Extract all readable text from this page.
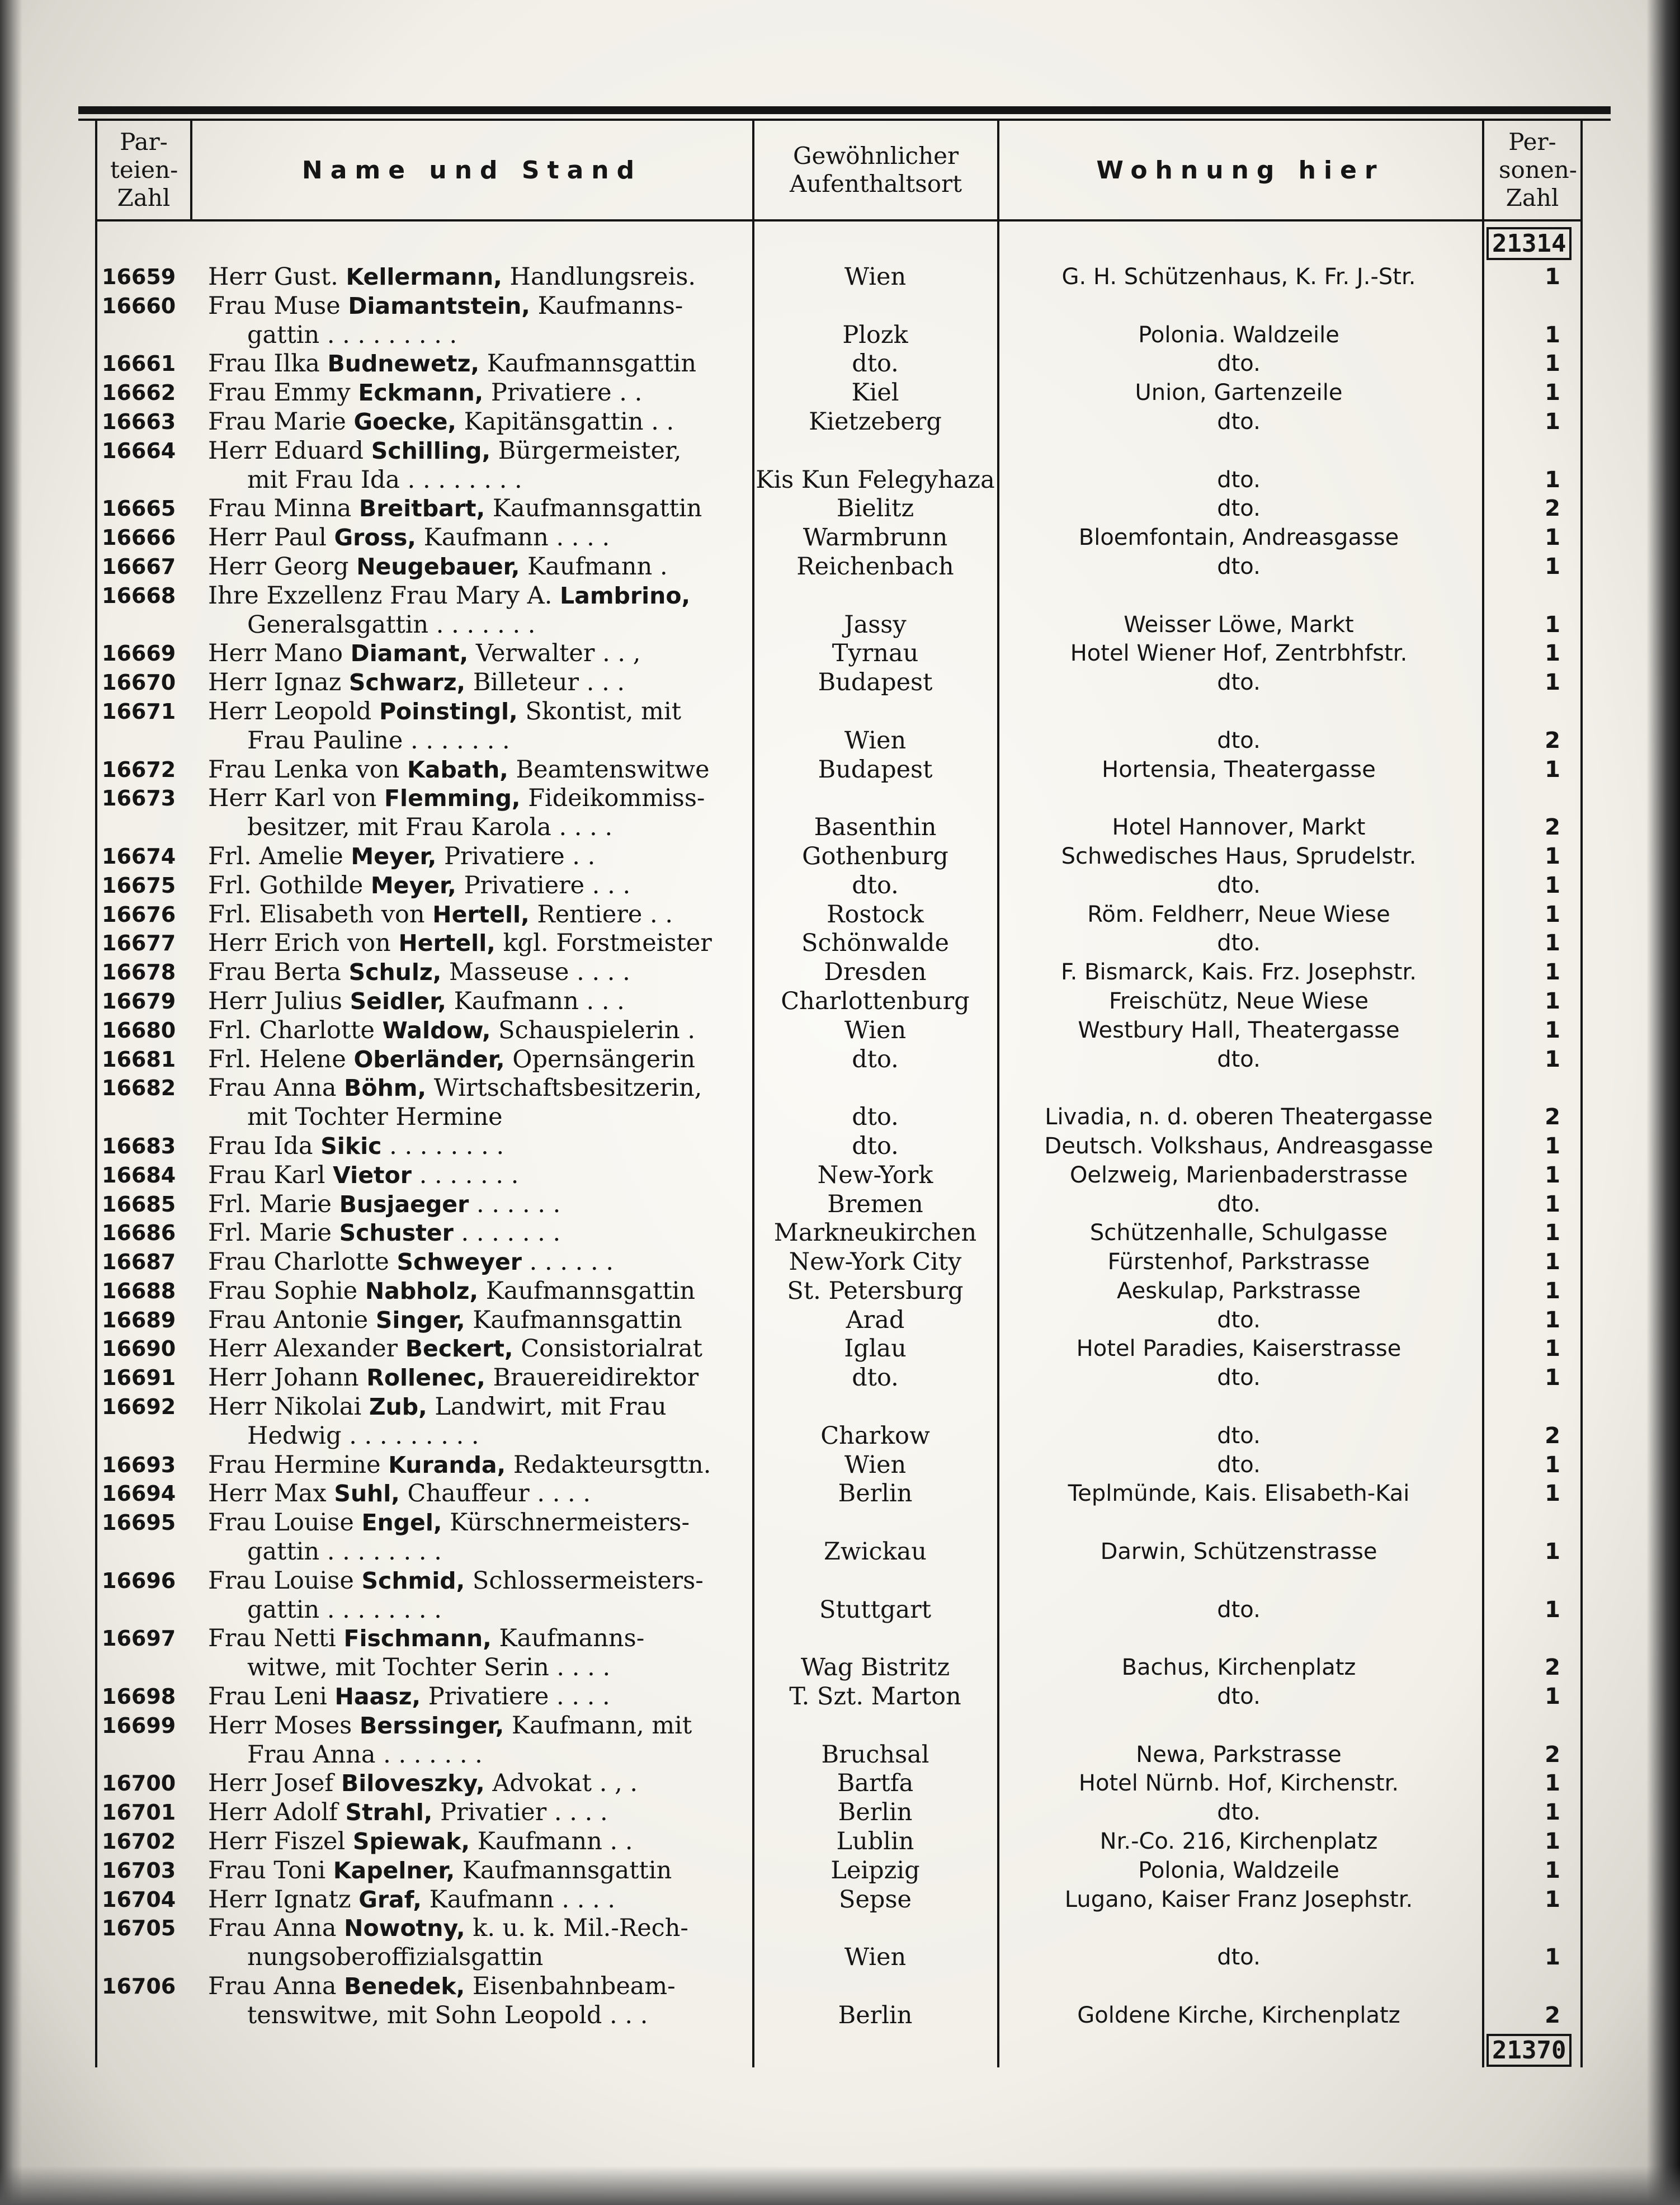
Par- teien- Zahl
Name und Stand	Gewöhnlicher Aufenthaltsort	Wohnung hier
Per- sonen- Zahl
21314
21370
16659	Herr Gust. Kellermann, Handlungsreis.	Wien	G. H. Schützenhaus, K. Fr. J.-Str.	1
16660	Frau Muse Diamantstein, Kaufmanns-
gattin . . . . . . . . .	Plozk	Polonia. Waldzeile	1
16661	Frau Ilka Budnewetz, Kaufmannsgattin	dto.	dto.	1
16662	Frau Emmy Eckmann, Privatiere . .	Kiel	Union, Gartenzeile	1
16663	Frau Marie Goecke, Kapitänsgattin . .	Kietzeberg	dto.	1
16664	Herr Eduard Schilling, Bürgermeister,
mit Frau Ida . . . . . . . .	Kis Kun Felegyhaza	dto.	1
16665	Frau Minna Breitbart, Kaufmannsgattin	Bielitz	dto.	2
16666	Herr Paul Gross, Kaufmann . . . .	Warmbrunn	Bloemfontain, Andreasgasse	1
16667	Herr Georg Neugebauer, Kaufmann .	Reichenbach	dto.	1
16668	Ihre Exzellenz Frau Mary A. Lambrino,
Generalsgattin . . . . . . .	Jassy	Weisser Löwe, Markt	1
16669	Herr Mano Diamant, Verwalter . . ,	Tyrnau	Hotel Wiener Hof, Zentrbhfstr.	1
16670	Herr Ignaz Schwarz, Billeteur . . .	Budapest	dto.	1
16671	Herr Leopold Poinstingl, Skontist, mit
Frau Pauline . . . . . . .	Wien	dto.	2
16672	Frau Lenka von Kabath, Beamtenswitwe	Budapest	Hortensia, Theatergasse	1
16673	Herr Karl von Flemming, Fideikommiss-
besitzer, mit Frau Karola . . . .	Basenthin	Hotel Hannover, Markt	2
16674	Frl. Amelie Meyer, Privatiere . .	Gothenburg	Schwedisches Haus, Sprudelstr.	1
16675	Frl. Gothilde Meyer, Privatiere . . .	dto.	dto.	1
16676	Frl. Elisabeth von Hertell, Rentiere . .	Rostock	Röm. Feldherr, Neue Wiese	1
16677	Herr Erich von Hertell, kgl. Forstmeister	Schönwalde	dto.	1
16678	Frau Berta Schulz, Masseuse . . . .	Dresden	F. Bismarck, Kais. Frz. Josephstr.	1
16679	Herr Julius Seidler, Kaufmann . . .	Charlottenburg	Freischütz, Neue Wiese	1
16680	Frl. Charlotte Waldow, Schauspielerin .	Wien	Westbury Hall, Theatergasse	1
16681	Frl. Helene Oberländer, Opernsängerin	dto.	dto.	1
16682	Frau Anna Böhm, Wirtschaftsbesitzerin,
mit Tochter Hermine	dto.	Livadia, n. d. oberen Theatergasse	2
16683	Frau Ida Sikic . . . . . . . .	dto.	Deutsch. Volkshaus, Andreasgasse	1
16684	Frau Karl Vietor . . . . . . .	New-York	Oelzweig, Marienbaderstrasse	1
16685	Frl. Marie Busjaeger . . . . . .	Bremen	dto.	1
16686	Frl. Marie Schuster . . . . . . .	Markneukirchen	Schützenhalle, Schulgasse	1
16687	Frau Charlotte Schweyer . . . . . .	New-York City	Fürstenhof, Parkstrasse	1
16688	Frau Sophie Nabholz, Kaufmannsgattin	St. Petersburg	Aeskulap, Parkstrasse	1
16689	Frau Antonie Singer, Kaufmannsgattin	Arad	dto.	1
16690	Herr Alexander Beckert, Consistorialrat	Iglau	Hotel Paradies, Kaiserstrasse	1
16691	Herr Johann Rollenec, Brauereidirektor	dto.	dto.	1
16692	Herr Nikolai Zub, Landwirt, mit Frau
Hedwig . . . . . . . . .	Charkow	dto.	2
16693	Frau Hermine Kuranda, Redakteursgttn.	Wien	dto.	1
16694	Herr Max Suhl, Chauffeur . . . .	Berlin	Teplmünde, Kais. Elisabeth-Kai	1
16695	Frau Louise Engel, Kürschnermeisters-
gattin . . . . . . . .	Zwickau	Darwin, Schützenstrasse	1
16696	Frau Louise Schmid, Schlossermeisters-
gattin . . . . . . . .	Stuttgart	dto.	1
16697	Frau Netti Fischmann, Kaufmanns-
witwe, mit Tochter Serin . . . .	Wag Bistritz	Bachus, Kirchenplatz	2
16698	Frau Leni Haasz, Privatiere . . . .	T. Szt. Marton	dto.	1
16699	Herr Moses Berssinger, Kaufmann, mit
Frau Anna . . . . . . .	Bruchsal	Newa, Parkstrasse	2
16700	Herr Josef Biloveszky, Advokat . , .	Bartfa	Hotel Nürnb. Hof, Kirchenstr.	1
16701	Herr Adolf Strahl, Privatier . . . .	Berlin	dto.	1
16702	Herr Fiszel Spiewak, Kaufmann . .	Lublin	Nr.-Co. 216, Kirchenplatz	1
16703	Frau Toni Kapelner, Kaufmannsgattin	Leipzig	Polonia, Waldzeile	1
16704	Herr Ignatz Graf, Kaufmann . . . .	Sepse	Lugano, Kaiser Franz Josephstr.	1
16705	Frau Anna Nowotny, k. u. k. Mil.-Rech-
nungsoberoffizialsgattin	Wien	dto.	1
16706	Frau Anna Benedek, Eisenbahnbeam-
tenswitwe, mit Sohn Leopold . . .	Berlin	Goldene Kirche, Kirchenplatz	2
